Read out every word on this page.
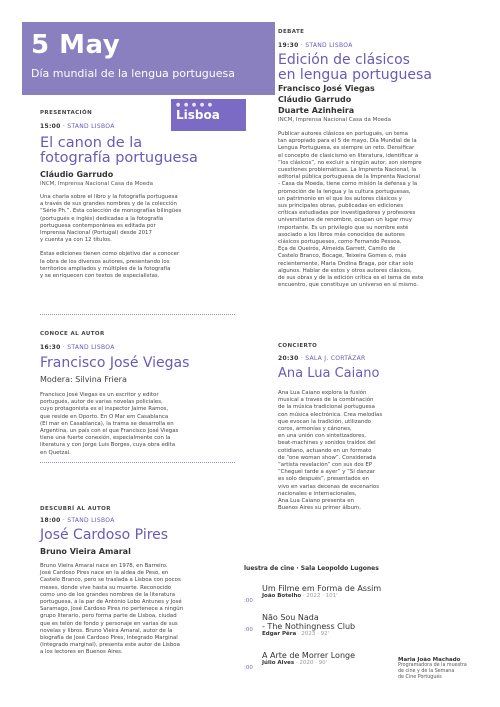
5 May
Día mundial de la lengua portuguesa
● ● ● ● ●
Lisboa
PRESENTACIÓN
15:00 · STAND LISBOA
El canon de la
fotografía portuguesa
Cláudio Garrudo
INCM, Imprensa Nacional Casa da Moeda
Una charla sobre el libro y la fotografía portuguesa
a través de sus grandes nombres y de la colección
“Série Ph.”. Esta colección de monografías bilingües
(portugués e inglés) dedicadas a la fotografía
portuguesa contemporánea es editada por
Imprensa Nacional (Portugal) desde 2017
y cuenta ya con 12 títulos.
Estas ediciones tienen como objetivo dar a conocer
la obra de los diversos autores, presentando los
territorios ampliados y múltiples de la fotografía
y se enriquecen con textos de especialistas.
CONOCE AL AUTOR
16:30 · STAND LISBOA
Francisco José Viegas
Modera: Silvina Friera
Francisco José Viegas es un escritor y editor
portugués, autor de varias novelas policiales,
cuyo protagonista es el inspector Jaime Ramos,
que reside en Oporto. En O Mar em Casablanca
(El mar en Casablanca), la trama se desarrolla en
Argentina, un país con el que Francisco José Viegas
tiene una fuerte conexión, especialmente con la
literatura y con Jorge Luis Borges, cuya obra edita
en Quetzal.
DESCUBRÍ AL AUTOR
18:00 · STAND LISBOA
José Cardoso Pires
Bruno Vieira Amaral
Bruno Vieira Amaral nace en 1978, en Barreiro.
José Cardoso Pires nace en la aldea de Peso, en
Castelo Branco, pero se traslada a Lisboa con pocos
meses, donde vive hasta su muerte. Reconocido
como uno de los grandes nombres de la literatura
portuguesa, a la par de António Lobo Antunes y José
Saramago, José Cardoso Pires no pertenece a ningún
grupo literario, pero forma parte de Lisboa, ciudad
que es telón de fondo y personaje en varias de sus
novelas y libros. Bruno Vieira Amaral, autor de la
biografía de José Cardoso Pires, Integrado Marginal
(Integrado marginal), presenta este autor de Lisboa
a los lectores en Buenos Aires.
DEBATE
19:30 · STAND LISBOA
Edición de clásicos
en lengua portuguesa
Francisco José Viegas
Cláudio Garrudo
Duarte Azinheira
INCM, Imprensa Nacional Casa da Moeda
Publicar autores clásicos en portugués, un tema
tan apropiado para el 5 de mayo, Día Mundial de la
Lengua Portuguesa, es siempre un reto. Densificar
el concepto de clasicismo en literatura, identificar a
“los clásicos”, no excluir a ningún autor, son siempre
cuestiones problemáticas. La Imprenta Nacional, la
editorial pública portuguesa de la Imprenta Nacional
- Casa da Moeda, tiene como misión la defensa y la
promoción de la lengua y la cultura portuguesas,
un patrimonio en el que los autores clásicos y
sus principales obras, publicadas en ediciones
críticas estudiadas por investigadores y profesores
universitarios de renombre, ocupan un lugar muy
importante. Es un privilegio que su nombre esté
asociado a los libros más conocidos de autores
clásicos portugueses, como Fernando Pessoa,
Eça de Queirós, Almeida Garrett, Camilo de
Castelo Branco, Bocage, Teixeira Gomes o, más
recientemente, Maria Ondina Braga, por citar solo
algunos. Hablar de estos y otros autores clásicos,
de sus obras y de la edición crítica es el tema de este
encuentro, que constituye un universo en sí mismo.
CONCIERTO
20:30 · SALA J. CORTÁZAR
Ana Lua Caiano
Ana Lua Caiano explora la fusión
musical a través de la combinación
de la música tradicional portuguesa
con música electrónica. Crea melodías
que evocan la tradición, utilizando
coros, armonías y cánones,
en una unión con sintetizadores,
beat-machines y sonidos traídos del
cotidiano, actuando en un formato
de “one woman show”. Considerada
“artista revelación” con sus dos EP
“Cheguei tarde a ayer” y “Si danzar
es solo después”, presentados en
vivo en varias decenas de escenarios
nacionales e internacionales,
Ana Lua Caiano presenta en
Buenos Aires su primer álbum.
luestra de cine · Sala Leopoldo Lugones
:00
Um Filme em Forma de Assim
João Botelho · 2022 · 101'
:00
Não Sou Nada
- The Nothingness Club
Edgar Pêra · 2023 · 92'
:00
A Arte de Morrer Longe
Júlio Alves · 2020 · 90'	Maria João Machado
Programadora de la muestra
de cine y de la Semana
de Cine Portugués
